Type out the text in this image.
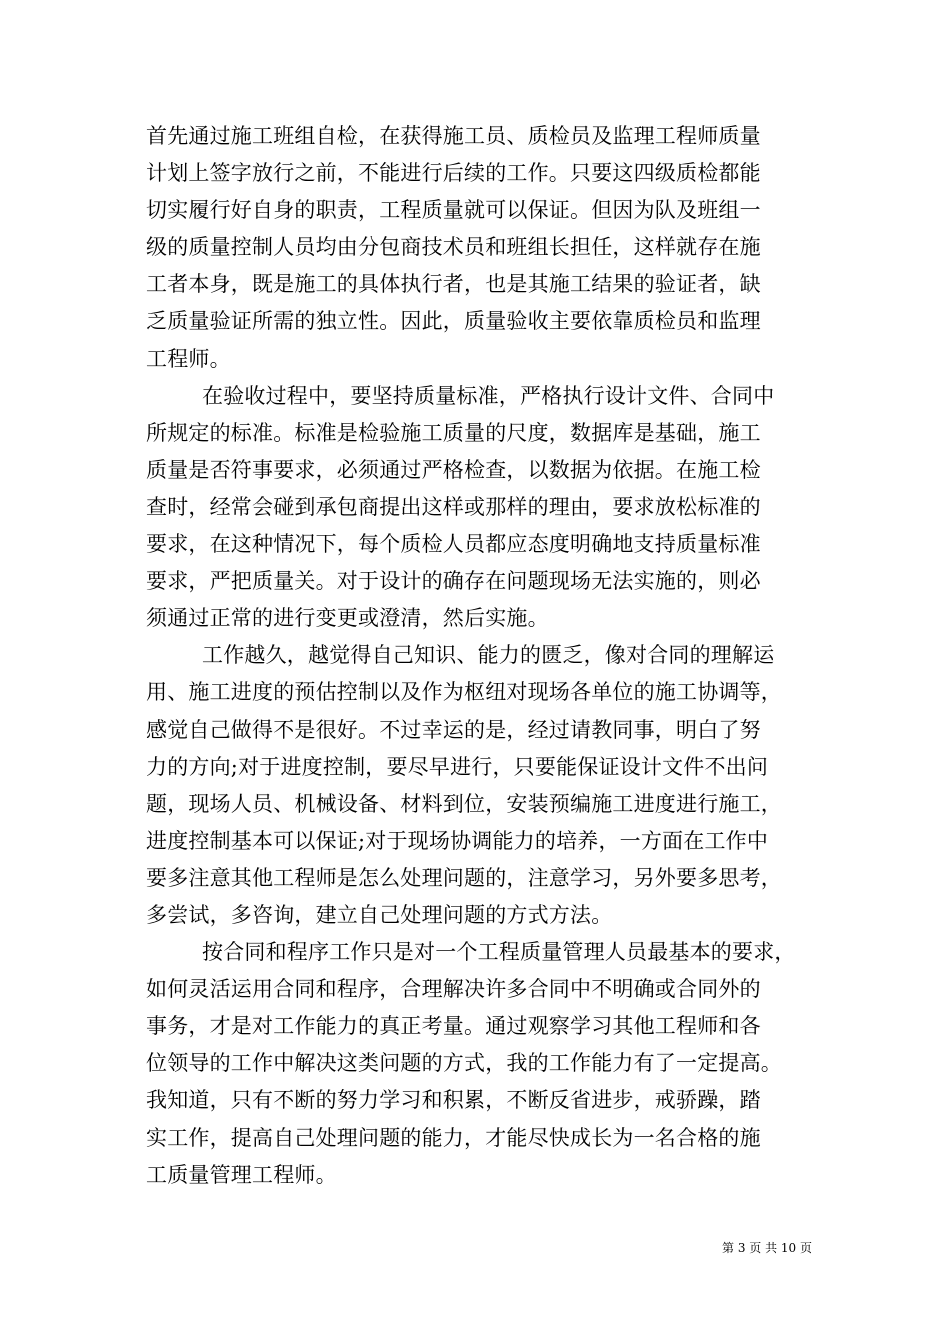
首先通过施工班组自检，在获得施工员、质检员及监理工程师质量
计划上签字放行之前，不能进行后续的工作。只要这四级质检都能
切实履行好自身的职责，工程质量就可以保证。但因为队及班组一
级的质量控制人员均由分包商技术员和班组长担任，这样就存在施
工者本身，既是施工的具体执行者，也是其施工结果的验证者，缺
乏质量验证所需的独立性。因此，质量验收主要依靠质检员和监理
工程师。
在验收过程中，要坚持质量标准，严格执行设计文件、合同中
所规定的标准。标准是检验施工质量的尺度，数据库是基础，施工
质量是否符事要求，必须通过严格检查，以数据为依据。在施工检
查时，经常会碰到承包商提出这样或那样的理由，要求放松标准的
要求，在这种情况下，每个质检人员都应态度明确地支持质量标准
要求，严把质量关。对于设计的确存在问题现场无法实施的，则必
须通过正常的进行变更或澄清，然后实施。
工作越久，越觉得自己知识、能力的匮乏，像对合同的理解运
用、施工进度的预估控制以及作为枢纽对现场各单位的施工协调等，
感觉自己做得不是很好。不过幸运的是，经过请教同事，明白了努
力的方向;对于进度控制，要尽早进行，只要能保证设计文件不出问
题，现场人员、机械设备、材料到位，安装预编施工进度进行施工，
进度控制基本可以保证;对于现场协调能力的培养，一方面在工作中
要多注意其他工程师是怎么处理问题的，注意学习，另外要多思考，
多尝试，多咨询，建立自己处理问题的方式方法。
按合同和程序工作只是对一个工程质量管理人员最基本的要求，
如何灵活运用合同和程序，合理解决许多合同中不明确或合同外的
事务，才是对工作能力的真正考量。通过观察学习其他工程师和各
位领导的工作中解决这类问题的方式，我的工作能力有了一定提高。
我知道，只有不断的努力学习和积累，不断反省进步，戒骄躁，踏
实工作，提高自己处理问题的能力，才能尽快成长为一名合格的施
工质量管理工程师。
第 3 页 共 10 页
